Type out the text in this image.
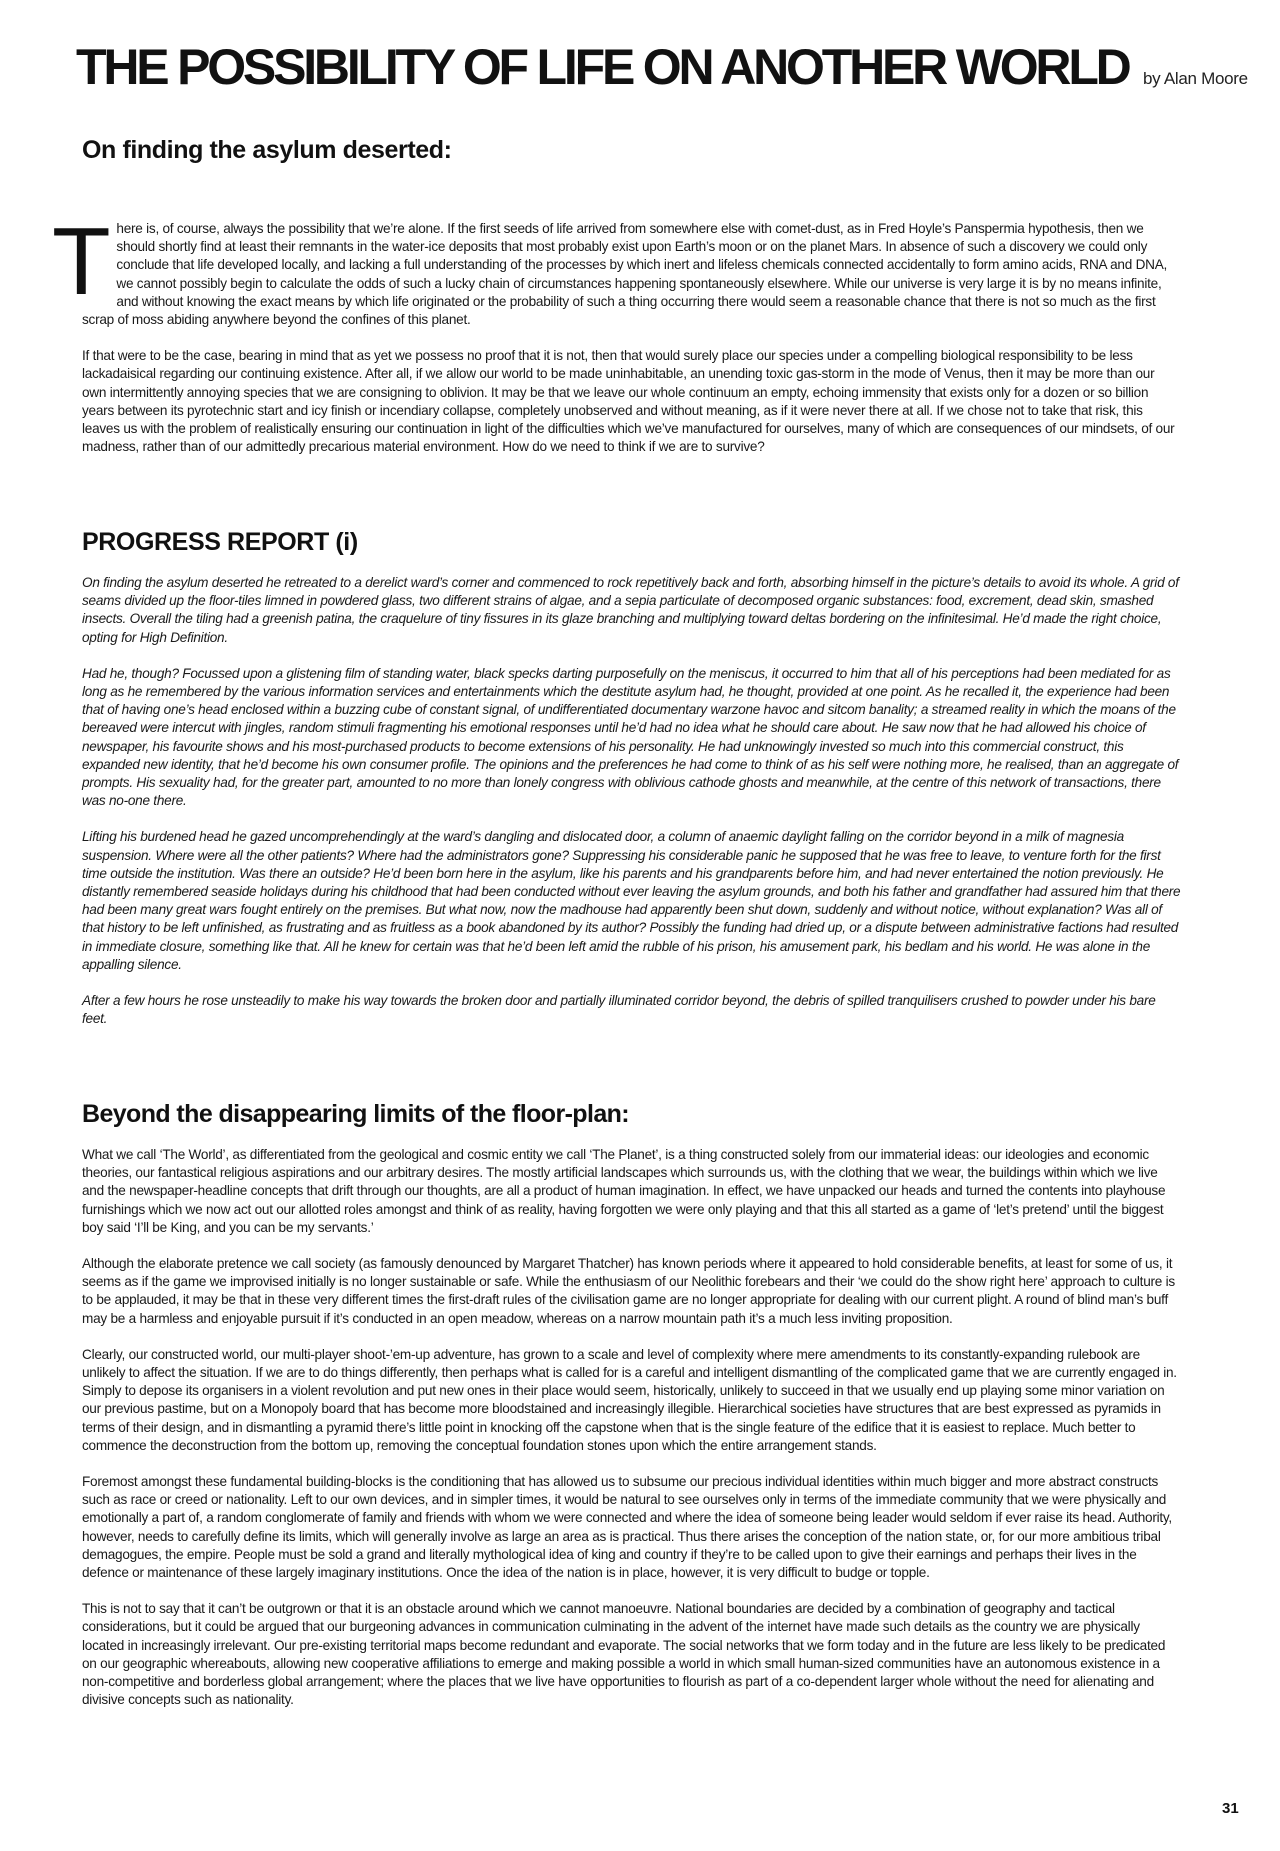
THE POSSIBILITY OF LIFE ON ANOTHER WORLD by Alan Moore
On finding the asylum deserted:

There is, of course, always the possibility that we’re alone. If the first seeds of life arrived from somewhere else with comet-dust, as in Fred Hoyle’s Panspermia hypothesis, then we should shortly find at least their remnants in the water-ice deposits that most probably exist upon Earth’s moon or on the planet Mars. In absence of such a discovery we could only conclude that life developed locally, and lacking a full understanding of the processes by which inert and lifeless chemicals connected accidentally to form amino acids, RNA and DNA, we cannot possibly begin to calculate the odds of such a lucky chain of circumstances happening spontaneously elsewhere. While our universe is very large it is by no means infinite, and without knowing the exact means by which life originated or the probability of such a thing occurring there would seem a reasonable chance that there is not so much as the first scrap of moss abiding anywhere beyond the confines of this planet.

If that were to be the case, bearing in mind that as yet we possess no proof that it is not, then that would surely place our species under a compelling biological responsibility to be less lackadaisical regarding our continuing existence. After all, if we allow our world to be made uninhabitable, an unending toxic gas-storm in the mode of Venus, then it may be more than our own intermittently annoying species that we are consigning to oblivion. It may be that we leave our whole continuum an empty, echoing immensity that exists only for a dozen or so billion years between its pyrotechnic start and icy finish or incendiary collapse, completely unobserved and without meaning, as if it were never there at all. If we chose not to take that risk, this leaves us with the problem of realistically ensuring our continuation in light of the difficulties which we’ve manufactured for ourselves, many of which are consequences of our mindsets, of our madness, rather than of our admittedly precarious material environment. How do we need to think if we are to survive?

PROGRESS REPORT (i)

On finding the asylum deserted he retreated to a derelict ward’s corner and commenced to rock repetitively back and forth, absorbing himself in the picture’s details to avoid its whole. A grid of seams divided up the floor-tiles limned in powdered glass, two different strains of algae, and a sepia particulate of decomposed organic substances: food, excrement, dead skin, smashed insects. Overall the tiling had a greenish patina, the craquelure of tiny fissures in its glaze branching and multiplying toward deltas bordering on the infinitesimal. He’d made the right choice, opting for High Definition.

Had he, though? Focussed upon a glistening film of standing water, black specks darting purposefully on the meniscus, it occurred to him that all of his perceptions had been mediated for as long as he remembered by the various information services and entertainments which the destitute asylum had, he thought, provided at one point. As he recalled it, the experience had been that of having one’s head enclosed within a buzzing cube of constant signal, of undifferentiated documentary warzone havoc and sitcom banality; a streamed reality in which the moans of the bereaved were intercut with jingles, random stimuli fragmenting his emotional responses until he’d had no idea what he should care about. He saw now that he had allowed his choice of newspaper, his favourite shows and his most-purchased products to become extensions of his personality. He had unknowingly invested so much into this commercial construct, this expanded new identity, that he’d become his own consumer profile. The opinions and the preferences he had come to think of as his self were nothing more, he realised, than an aggregate of prompts. His sexuality had, for the greater part, amounted to no more than lonely congress with oblivious cathode ghosts and meanwhile, at the centre of this network of transactions, there was no-one there.

Lifting his burdened head he gazed uncomprehendingly at the ward’s dangling and dislocated door, a column of anaemic daylight falling on the corridor beyond in a milk of magnesia suspension. Where were all the other patients? Where had the administrators gone? Suppressing his considerable panic he supposed that he was free to leave, to venture forth for the first time outside the institution. Was there an outside? He’d been born here in the asylum, like his parents and his grandparents before him, and had never entertained the notion previously. He distantly remembered seaside holidays during his childhood that had been conducted without ever leaving the asylum grounds, and both his father and grandfather had assured him that there had been many great wars fought entirely on the premises. But what now, now the madhouse had apparently been shut down, suddenly and without notice, without explanation? Was all of that history to be left unfinished, as frustrating and as fruitless as a book abandoned by its author? Possibly the funding had dried up, or a dispute between administrative factions had resulted in immediate closure, something like that. All he knew for certain was that he’d been left amid the rubble of his prison, his amusement park, his bedlam and his world. He was alone in the appalling silence.

After a few hours he rose unsteadily to make his way towards the broken door and partially illuminated corridor beyond, the debris of spilled tranquilisers crushed to powder under his bare feet.

Beyond the disappearing limits of the floor-plan:

What we call ‘The World’, as differentiated from the geological and cosmic entity we call ‘The Planet’, is a thing constructed solely from our immaterial ideas: our ideologies and economic theories, our fantastical religious aspirations and our arbitrary desires. The mostly artificial landscapes which surrounds us, with the clothing that we wear, the buildings within which we live and the newspaper-headline concepts that drift through our thoughts, are all a product of human imagination. In effect, we have unpacked our heads and turned the contents into playhouse furnishings which we now act out our allotted roles amongst and think of as reality, having forgotten we were only playing and that this all started as a game of ‘let’s pretend’ until the biggest boy said ‘I’ll be King, and you can be my servants.’

Although the elaborate pretence we call society (as famously denounced by Margaret Thatcher) has known periods where it appeared to hold considerable benefits, at least for some of us, it seems as if the game we improvised initially is no longer sustainable or safe. While the enthusiasm of our Neolithic forebears and their ‘we could do the show right here’ approach to culture is to be applauded, it may be that in these very different times the first-draft rules of the civilisation game are no longer appropriate for dealing with our current plight. A round of blind man’s buff may be a harmless and enjoyable pursuit if it’s conducted in an open meadow, whereas on a narrow mountain path it’s a much less inviting proposition.

Clearly, our constructed world, our multi-player shoot-’em-up adventure, has grown to a scale and level of complexity where mere amendments to its constantly-expanding rulebook are unlikely to affect the situation. If we are to do things differently, then perhaps what is called for is a careful and intelligent dismantling of the complicated game that we are currently engaged in. Simply to depose its organisers in a violent revolution and put new ones in their place would seem, historically, unlikely to succeed in that we usually end up playing some minor variation on our previous pastime, but on a Monopoly board that has become more bloodstained and increasingly illegible. Hierarchical societies have structures that are best expressed as pyramids in terms of their design, and in dismantling a pyramid there’s little point in knocking off the capstone when that is the single feature of the edifice that it is easiest to replace. Much better to commence the deconstruction from the bottom up, removing the conceptual foundation stones upon which the entire arrangement stands.

Foremost amongst these fundamental building-blocks is the conditioning that has allowed us to subsume our precious individual identities within much bigger and more abstract constructs such as race or creed or nationality. Left to our own devices, and in simpler times, it would be natural to see ourselves only in terms of the immediate community that we were physically and emotionally a part of, a random conglomerate of family and friends with whom we were connected and where the idea of someone being leader would seldom if ever raise its head. Authority, however, needs to carefully define its limits, which will generally involve as large an area as is practical. Thus there arises the conception of the nation state, or, for our more ambitious tribal demagogues, the empire. People must be sold a grand and literally mythological idea of king and country if they’re to be called upon to give their earnings and perhaps their lives in the defence or maintenance of these largely imaginary institutions. Once the idea of the nation is in place, however, it is very difficult to budge or topple.

This is not to say that it can’t be outgrown or that it is an obstacle around which we cannot manoeuvre. National boundaries are decided by a combination of geography and tactical considerations, but it could be argued that our burgeoning advances in communication culminating in the advent of the internet have made such details as the country we are physically located in increasingly irrelevant. Our pre-existing territorial maps become redundant and evaporate. The social networks that we form today and in the future are less likely to be predicated on our geographic whereabouts, allowing new cooperative affiliations to emerge and making possible a world in which small human-sized communities have an autonomous existence in a non-competitive and borderless global arrangement; where the places that we live have opportunities to flourish as part of a co-dependent larger whole without the need for alienating and divisive concepts such as nationality.

31
